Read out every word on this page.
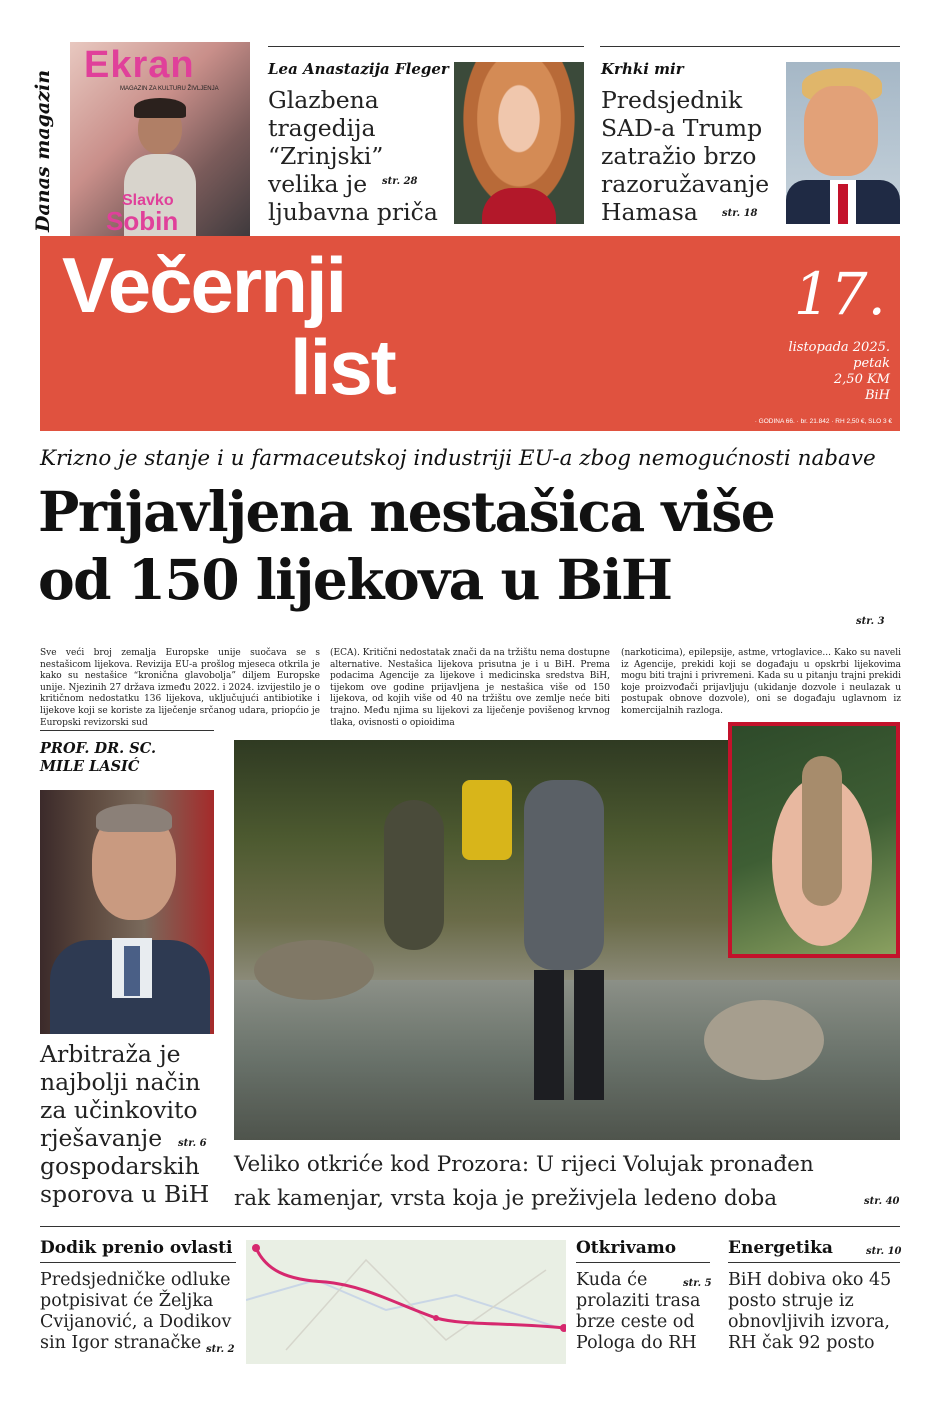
Danas magazin
Ekran
MAGAZIN ZA KULTURU ŽIVLJENJA
Slavko
Sobin
Lea Anastazija Fleger
Glazbena tragedija “Zrinjski” velika je ljubavna priča
str. 28
Krhki mir
Predsjednik SAD-a Trump zatražio brzo razoružavanje Hamasa	str. 18
Večernji
list
17.
listopada 2025.
petak
2,50 KM
BiH
· GODINA 66. · br. 21.842 · RH 2,50 €, SLO 3 €
Krizno je stanje i u farmaceutskoj industriji EU-a zbog nemogućnosti nabave
Prijavljena nestašica više
od 150 lijekova u BiH
str. 3
Sve veći broj zemalja Europske unije suočava se s nestašicom lijekova. Revizija EU-a prošlog mjeseca otkrila je kako su nestašice “kronična glavobolja” diljem Europske unije. Njezinih 27 država između 2022. i 2024. izvijestilo je o kritičnom nedostatku 136 lijekova, uključujući antibiotike i lijekove koji se koriste za liječenje srčanog udara, priopćio je Europski revizorski sud
(ECA). Kritični nedostatak znači da na tržištu nema dostupne alternative. Nestašica lijekova prisutna je i u BiH. Prema podacima Agencije za lijekove i medicinska sredstva BiH, tijekom ove godine prijavljena je nestašica više od 150 lijekova, od kojih više od 40 na tržištu ove zemlje neće biti trajno. Među njima su lijekovi za liječenje povišenog krvnog tlaka, ovisnosti o opioidima
(narkoticima), epilepsije, astme, vrtoglavice... Kako su naveli iz Agencije, prekidi koji se događaju u opskrbi lijekovima mogu biti trajni i privremeni. Kada su u pitanju trajni prekidi koje proizvođači prijavljuju (ukidanje dozvole i neulazak u postupak obnove dozvole), oni se događaju uglavnom iz komercijalnih razloga.
PROF. DR. SC.
MILE LASIĆ
Arbitraža je najbolji način za učinkovito rješavanje gospodarskih sporova u BiH
str. 6
Veliko otkriće kod Prozora: U rijeci Volujak pronađen
rak kamenjar, vrsta koja je preživjela ledeno doba	str. 40
Dodik prenio ovlasti
Predsjedničke odluke potpisivat će Željka Cvijanović, a Dodikov sin Igor stranačke str. 2
Otkrivamo
Kuda će prolaziti trasa brze ceste od Pologa do RH
str. 5
Energetika	str. 10
BiH dobiva oko 45 posto struje iz obnovljivih izvora, RH čak 92 posto
